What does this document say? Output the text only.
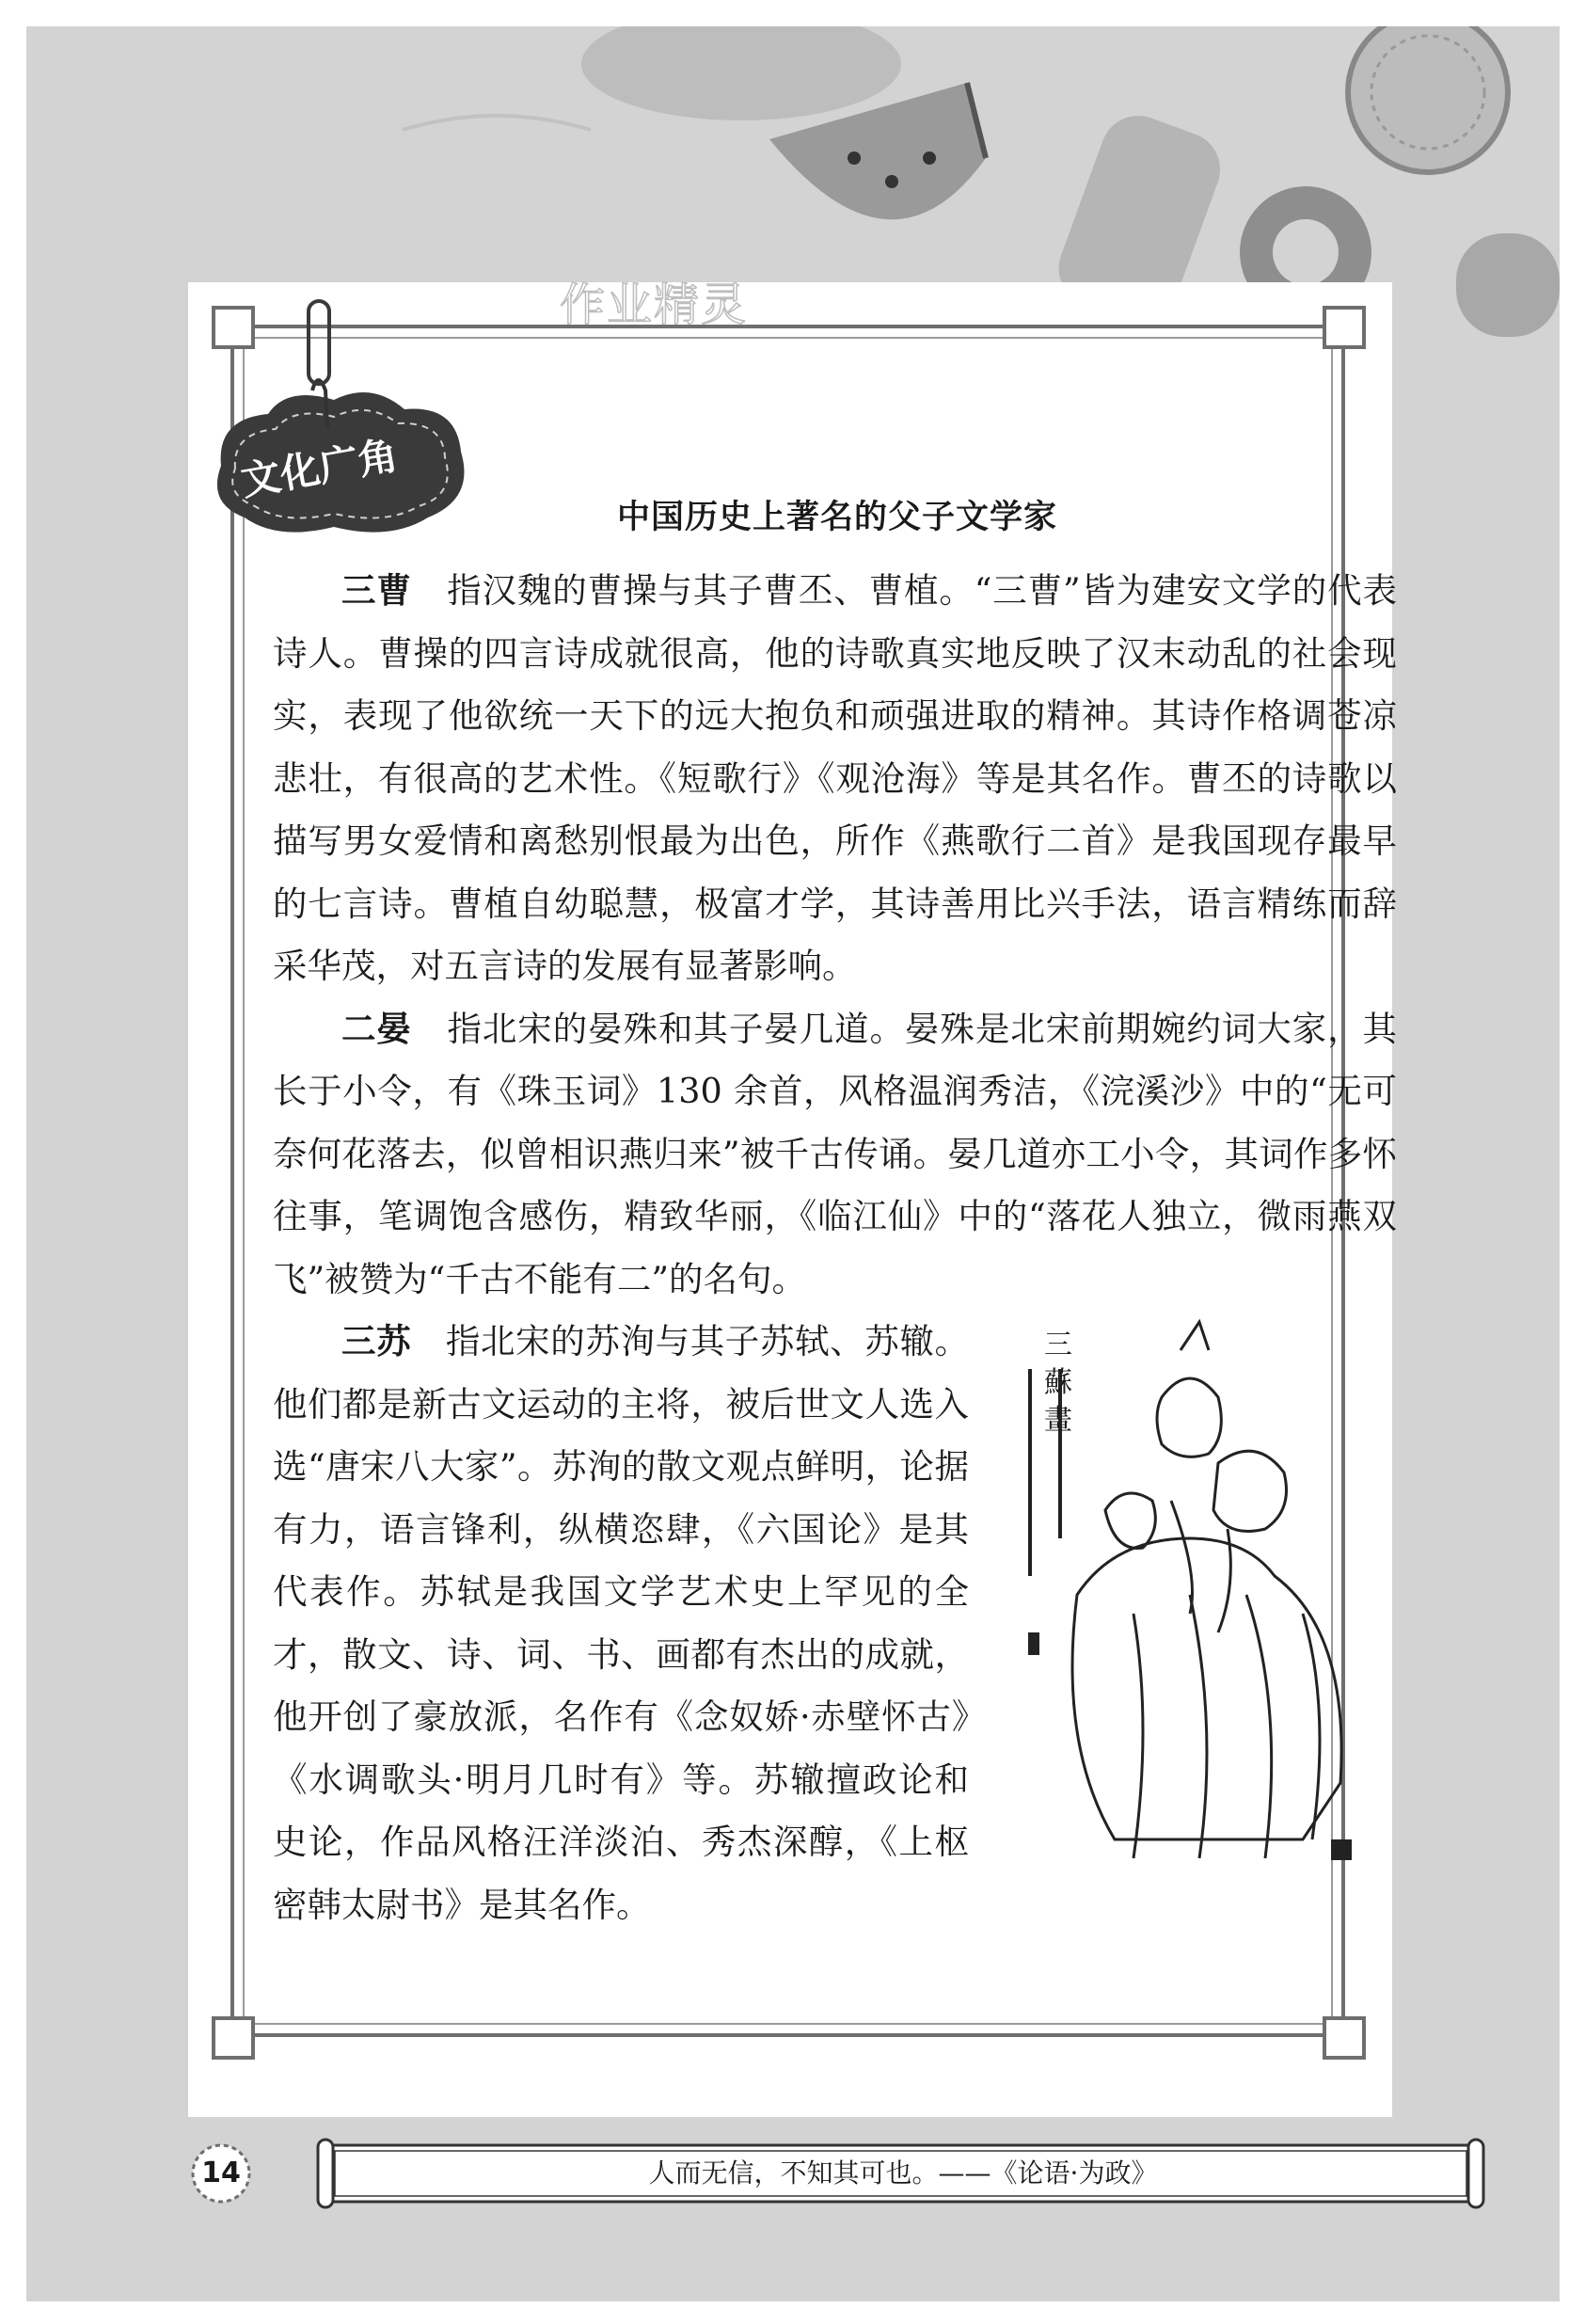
作业精灵
文化广角
中国历史上著名的父子文学家

三曹 指汉魏的曹操与其子曹丕、曹植。“三曹”皆为建安文学的代表诗人。曹操的四言诗成就很高，他的诗歌真实地反映了汉末动乱的社会现实，表现了他欲统一天下的远大抱负和顽强进取的精神。其诗作格调苍凉悲壮，有很高的艺术性。《短歌行》《观沧海》等是其名作。曹丕的诗歌以描写男女爱情和离愁别恨最为出色，所作《燕歌行二首》是我国现存最早的七言诗。曹植自幼聪慧，极富才学，其诗善用比兴手法，语言精练而辞采华茂，对五言诗的发展有显著影响。

二晏 指北宋的晏殊和其子晏几道。晏殊是北宋前期婉约词大家，其长于小令，有《珠玉词》130 余首，风格温润秀洁，《浣溪沙》中的“无可奈何花落去，似曾相识燕归来”被千古传诵。晏几道亦工小令，其词作多怀往事，笔调饱含感伤，精致华丽，《临江仙》中的“落花人独立，微雨燕双飞”被赞为“千古不能有二”的名句。

三苏 指北宋的苏洵与其子苏轼、苏辙。他们都是新古文运动的主将，被后世文人选入选“唐宋八大家”。苏洵的散文观点鲜明，论据有力，语言锋利，纵横恣肆，《六国论》是其代表作。苏轼是我国文学艺术史上罕见的全才，散文、诗、词、书、画都有杰出的成就，他开创了豪放派，名作有《念奴娇·赤壁怀古》《水调歌头·明月几时有》等。苏辙擅政论和史论，作品风格汪洋淡泊、秀杰深醇，《上枢密韩太尉书》是其名作。

三蘇畫
14	人而无信，不知其可也。——《论语·为政》
